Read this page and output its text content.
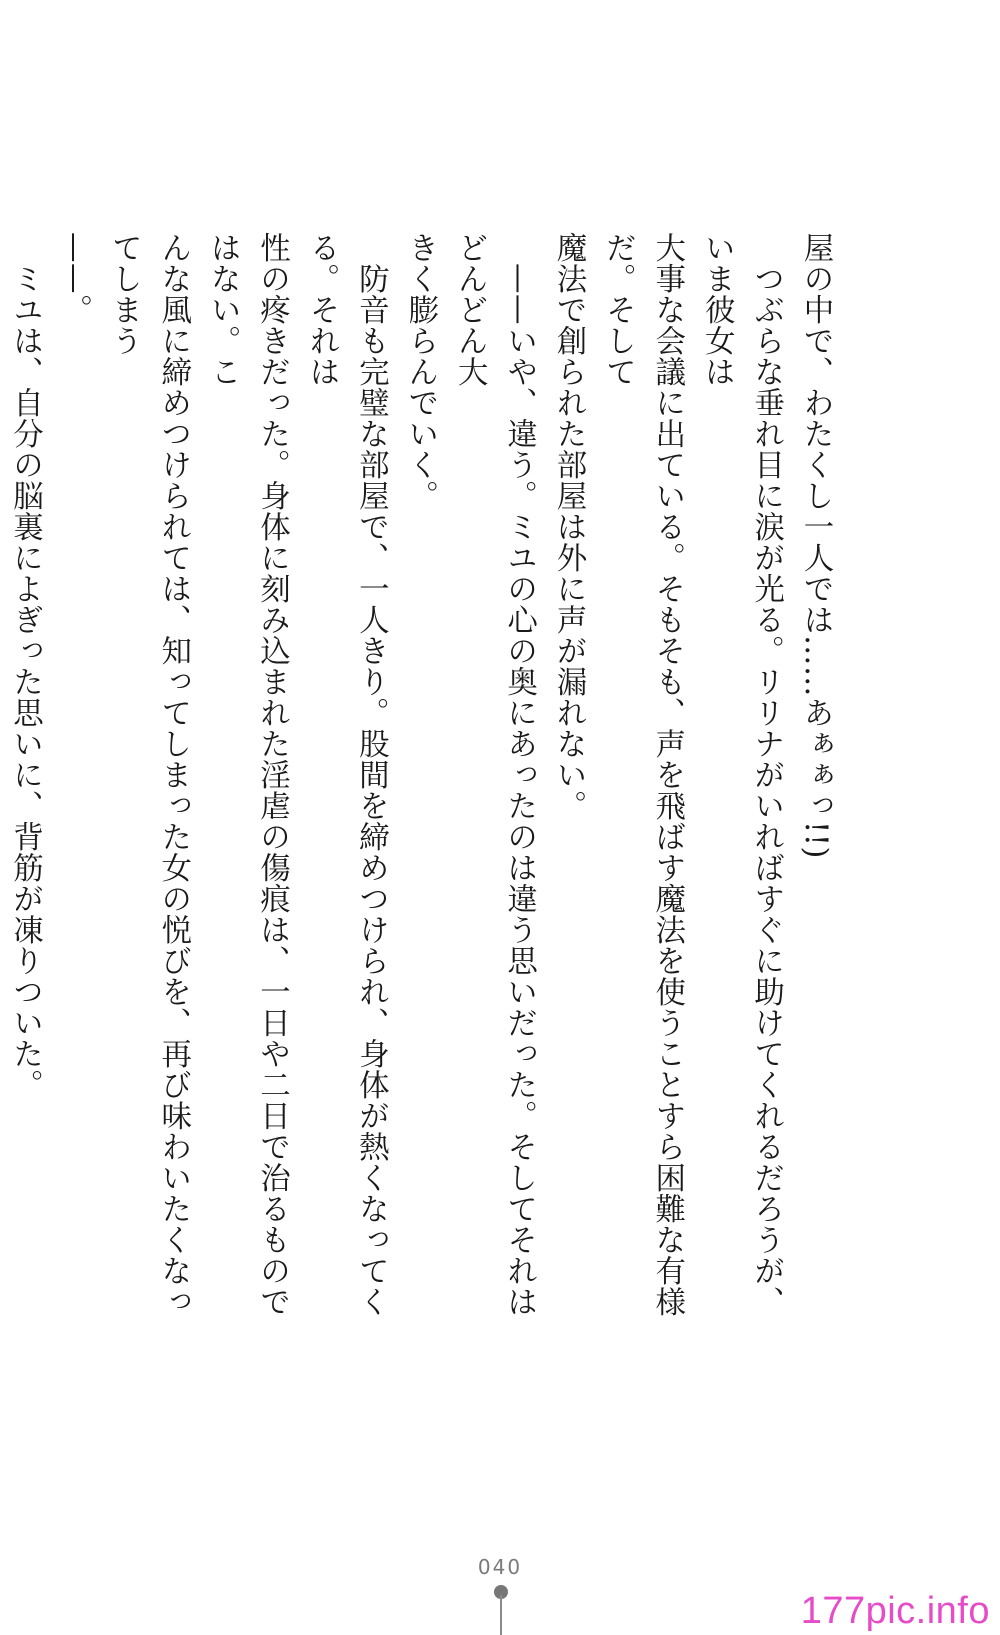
屋の中で、わたくし一人では……あぁぁっ!!)

　つぶらな垂れ目に涙が光る。リリナがいればすぐに助けてくれるだろうが、いま彼女は

大事な会議に出ている。そもそも、声を飛ばす魔法を使うことすら困難な有様だ。そして

魔法で創られた部屋は外に声が漏れない。

　——いや、違う。ミユの心の奥にあったのは違う思いだった。そしてそれはどんどん大

きく膨らんでいく。

　防音も完璧な部屋で、一人きり。股間を締めつけられ、身体が熱くなってくる。それは

性の疼きだった。身体に刻み込まれた淫虐の傷痕は、一日や二日で治るものではない。こ

んな風に締めつけられては、知ってしまった女の悦びを、再び味わいたくなってしまう

——。

　ミユは、自分の脳裏によぎった思いに、背筋が凍りついた。

040
177pic.info
